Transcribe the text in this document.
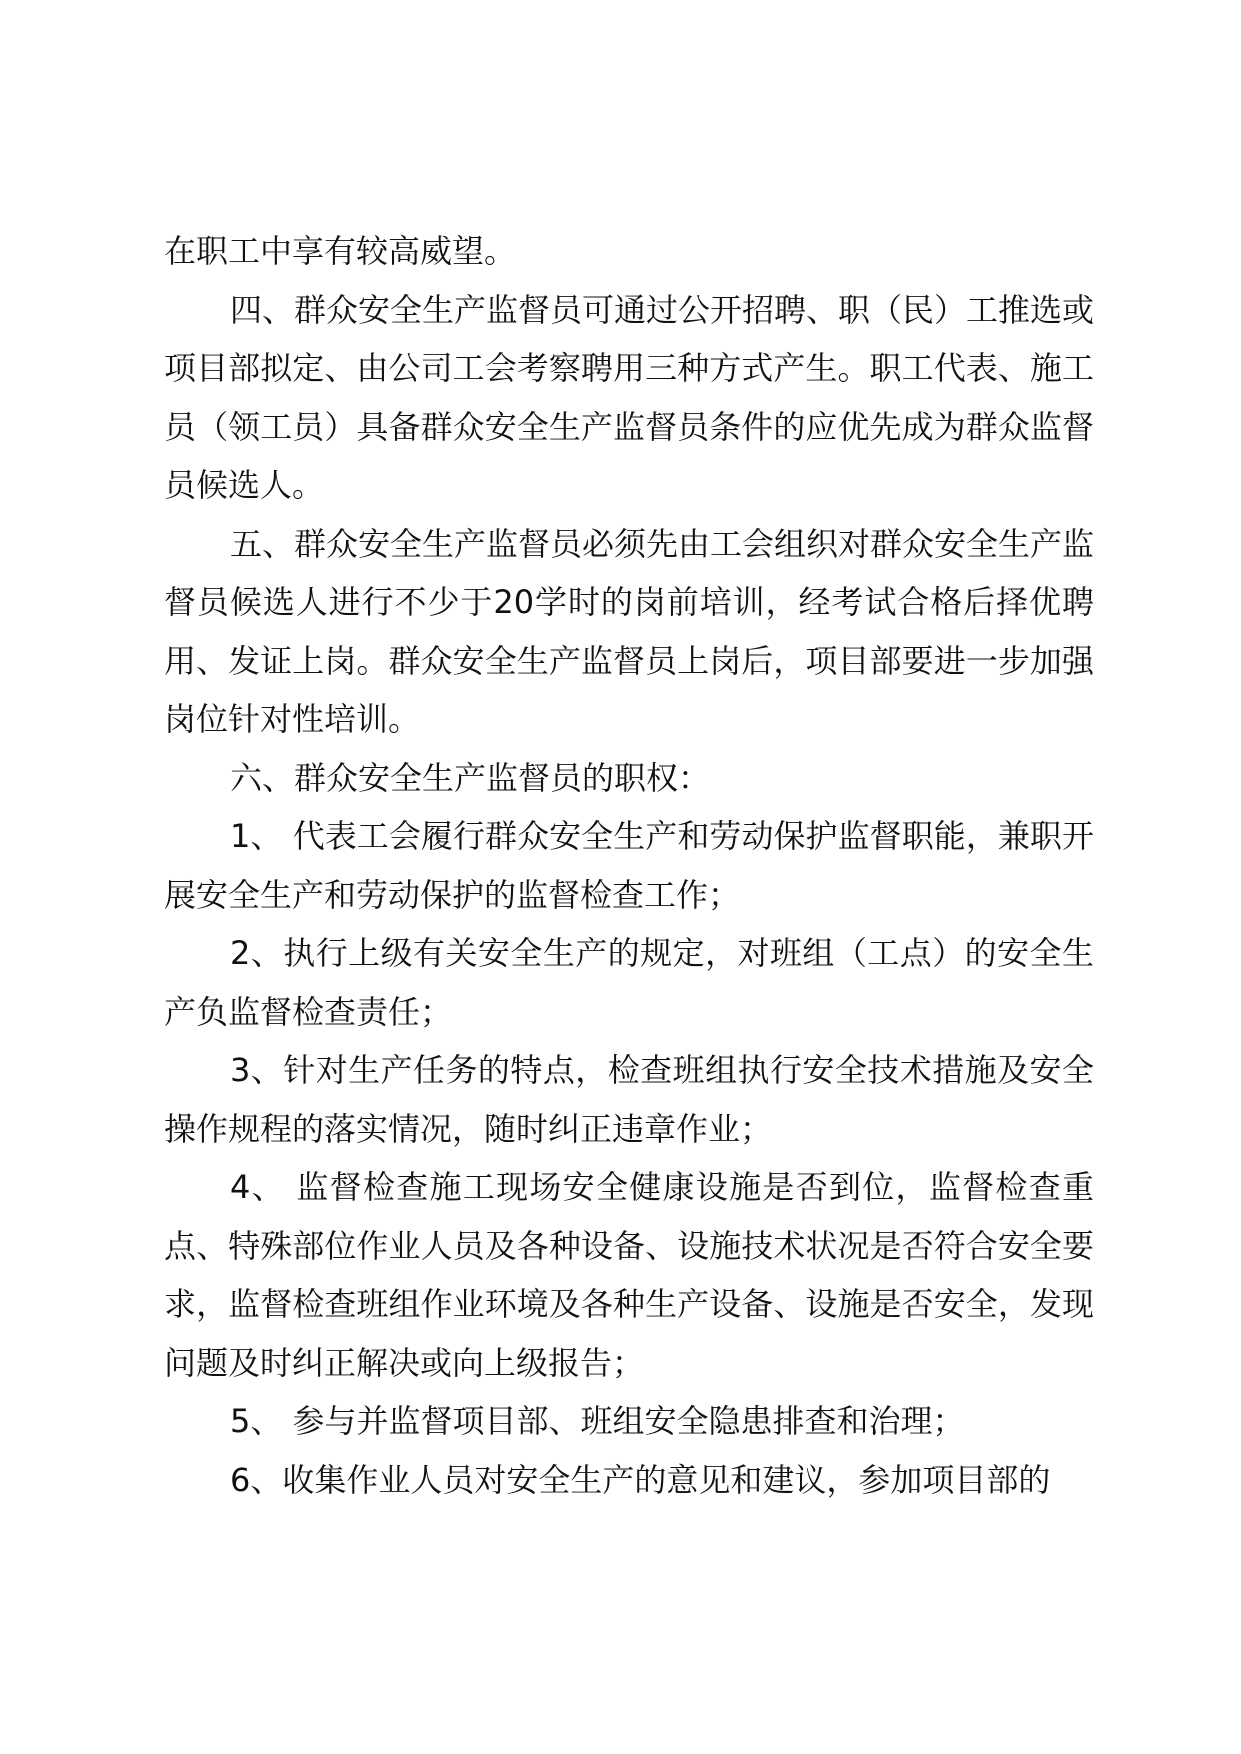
在职工中享有较高威望。

四、群众安全生产监督员可通过公开招聘、职（民）工推选或项目部拟定、由公司工会考察聘用三种方式产生。职工代表、施工员（领工员）具备群众安全生产监督员条件的应优先成为群众监督员候选人。

五、群众安全生产监督员必须先由工会组织对群众安全生产监督员候选人进行不少于20学时的岗前培训，经考试合格后择优聘用、发证上岗。群众安全生产监督员上岗后，项目部要进一步加强岗位针对性培训。

六、群众安全生产监督员的职权：

1、 代表工会履行群众安全生产和劳动保护监督职能，兼职开展安全生产和劳动保护的监督检查工作；

2、执行上级有关安全生产的规定，对班组（工点）的安全生产负监督检查责任；

3、针对生产任务的特点，检查班组执行安全技术措施及安全操作规程的落实情况，随时纠正违章作业；

4、 监督检查施工现场安全健康设施是否到位，监督检查重点、特殊部位作业人员及各种设备、设施技术状况是否符合安全要求，监督检查班组作业环境及各种生产设备、设施是否安全，发现问题及时纠正解决或向上级报告；

5、 参与并监督项目部、班组安全隐患排查和治理；

6、收集作业人员对安全生产的意见和建议，参加项目部的
